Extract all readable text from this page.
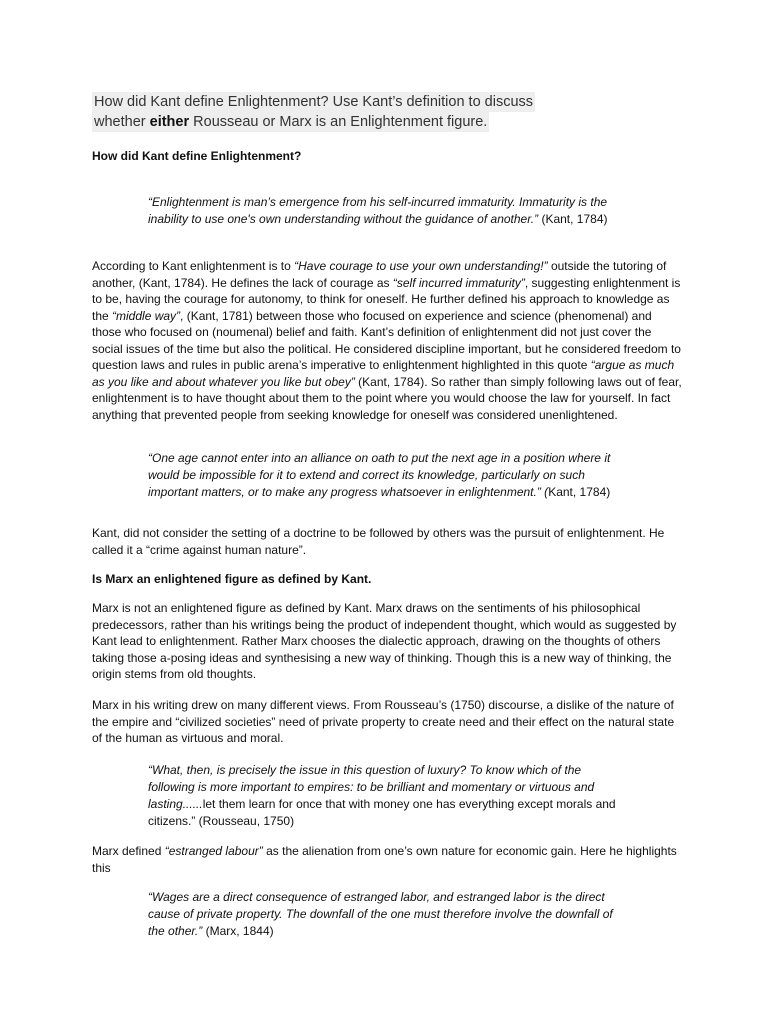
How did Kant define Enlightenment? Use Kant’s definition to discuss
whether either Rousseau or Marx is an Enlightenment figure.
How did Kant define Enlightenment?
“Enlightenment is man’s emergence from his self-incurred immaturity. Immaturity is the inability to use one's own understanding without the guidance of another.” (Kant, 1784)
According to Kant enlightenment is to “Have courage to use your own understanding!” outside the tutoring of another, (Kant, 1784). He defines the lack of courage as “self incurred immaturity”, suggesting enlightenment is to be, having the courage for autonomy, to think for oneself. He further defined his approach to knowledge as the “middle way”, (Kant, 1781) between those who focused on experience and science (phenomenal) and those who focused on (noumenal) belief and faith. Kant’s definition of enlightenment did not just cover the social issues of the time but also the political. He considered discipline important, but he considered freedom to question laws and rules in public arena’s imperative to enlightenment highlighted in this quote “argue as much as you like and about whatever you like but obey” (Kant, 1784). So rather than simply following laws out of fear, enlightenment is to have thought about them to the point where you would choose the law for yourself. In fact anything that prevented people from seeking knowledge for oneself was considered unenlightened.
“One age cannot enter into an alliance on oath to put the next age in a position where it would be impossible for it to extend and correct its knowledge, particularly on such important matters, or to make any progress whatsoever in enlightenment.” (Kant, 1784)
Kant, did not consider the setting of a doctrine to be followed by others was the pursuit of enlightenment. He called it a “crime against human nature”.
Is Marx an enlightened figure as defined by Kant.
Marx is not an enlightened figure as defined by Kant. Marx draws on the sentiments of his philosophical predecessors, rather than his writings being the product of independent thought, which would as suggested by Kant lead to enlightenment. Rather Marx chooses the dialectic approach, drawing on the thoughts of others taking those a-posing ideas and synthesising a new way of thinking. Though this is a new way of thinking, the origin stems from old thoughts.
Marx in his writing drew on many different views. From Rousseau’s (1750) discourse, a dislike of the nature of the empire and “civilized societies” need of private property to create need and their effect on the natural state of the human as virtuous and moral.
“What, then, is precisely the issue in this question of luxury? To know which of the following is more important to empires: to be brilliant and momentary or virtuous and lasting......let them learn for once that with money one has everything except morals and citizens.” (Rousseau, 1750)
Marx defined “estranged labour” as the alienation from one’s own nature for economic gain. Here he highlights this
“Wages are a direct consequence of estranged labor, and estranged labor is the direct cause of private property. The downfall of the one must therefore involve the downfall of the other.” (Marx, 1844)
